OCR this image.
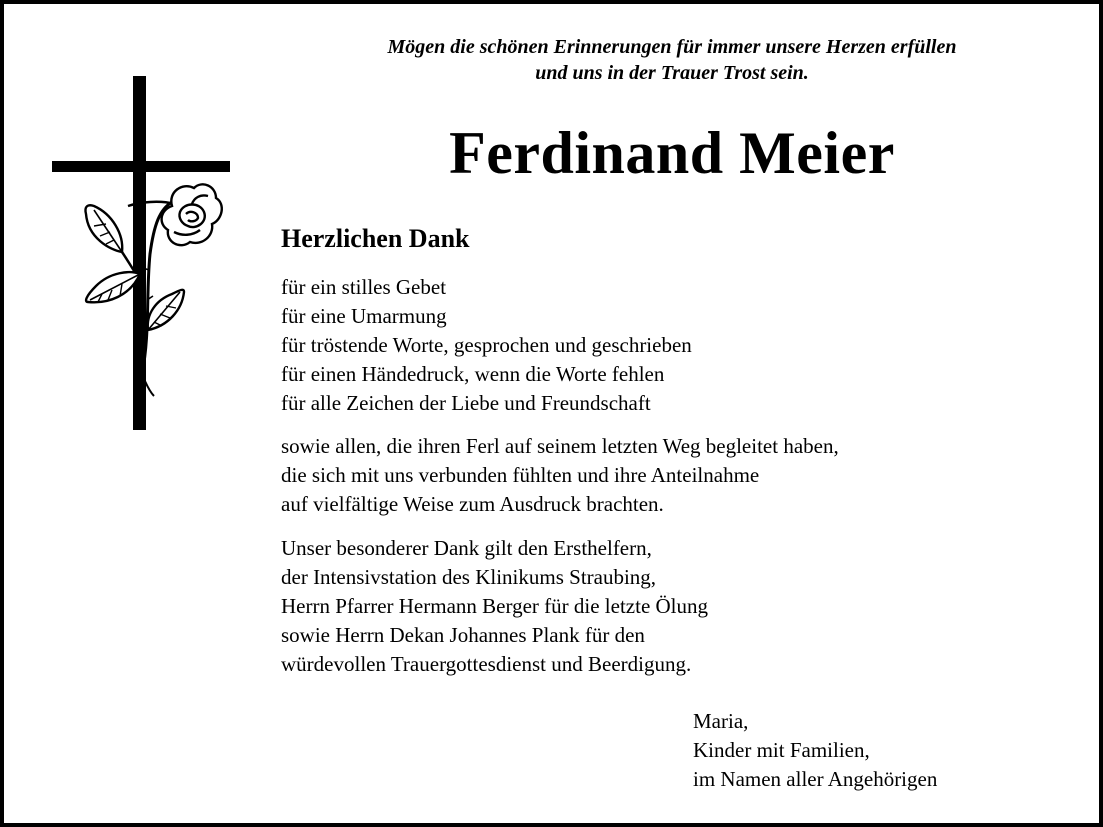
Mögen die schönen Erinnerungen für immer unsere Herzen erfüllen
und uns in der Trauer Trost sein.
Ferdinand Meier
Herzlichen Dank
für ein stilles Gebet
für eine Umarmung
für tröstende Worte, gesprochen und geschrieben
für einen Händedruck, wenn die Worte fehlen
für alle Zeichen der Liebe und Freundschaft
sowie allen, die ihren Ferl auf seinem letzten Weg begleitet haben,
die sich mit uns verbunden fühlten und ihre Anteilnahme
auf vielfältige Weise zum Ausdruck brachten.
Unser besonderer Dank gilt den Ersthelfern,
der Intensivstation des Klinikums Straubing,
Herrn Pfarrer Hermann Berger für die letzte Ölung
sowie Herrn Dekan Johannes Plank für den
würdevollen Trauergottesdienst und Beerdigung.
Maria,
Kinder mit Familien,
im Namen aller Angehörigen
